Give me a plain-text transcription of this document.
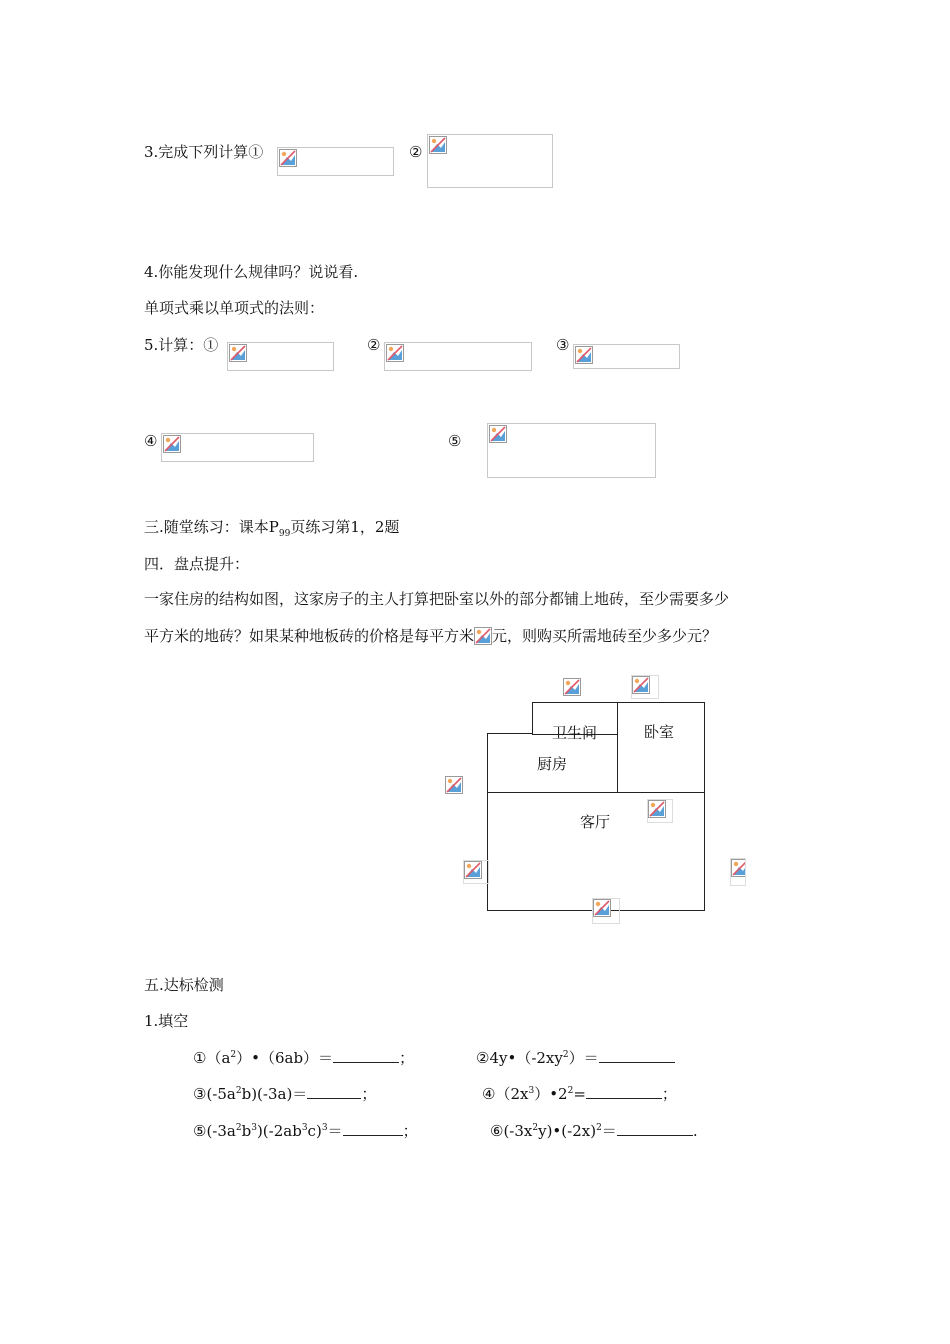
3.完成下列计算①	②
4.你能发现什么规律吗？说说看.
单项式乘以单项式的法则：
5.计算：①	②	③
④	⑤
三.随堂练习：课本$P_{99}$页练习第1，2题
四．盘点提升：
一家住房的结构如图，这家房子的主人打算把卧室以外的部分都铺上地砖，至少需要多少
平方米的地砖？如果某种地板砖的价格是每平方米 元，则购买所需地砖至少多少元？
卫生间	卧室
厨房
客厅
五.达标检测
1.填空
$①(a^2)•(6ab)=$	；	$②4y•(-2xy^2)=$
$③(-5a^2b)(-3a)=$	；	$④(2x^3)•2^2=$	；
$⑤(-3a^2b^3)(-2ab^3c)^3=$	；	$⑥(-3x^2y)•(-2x)^2=$	.
